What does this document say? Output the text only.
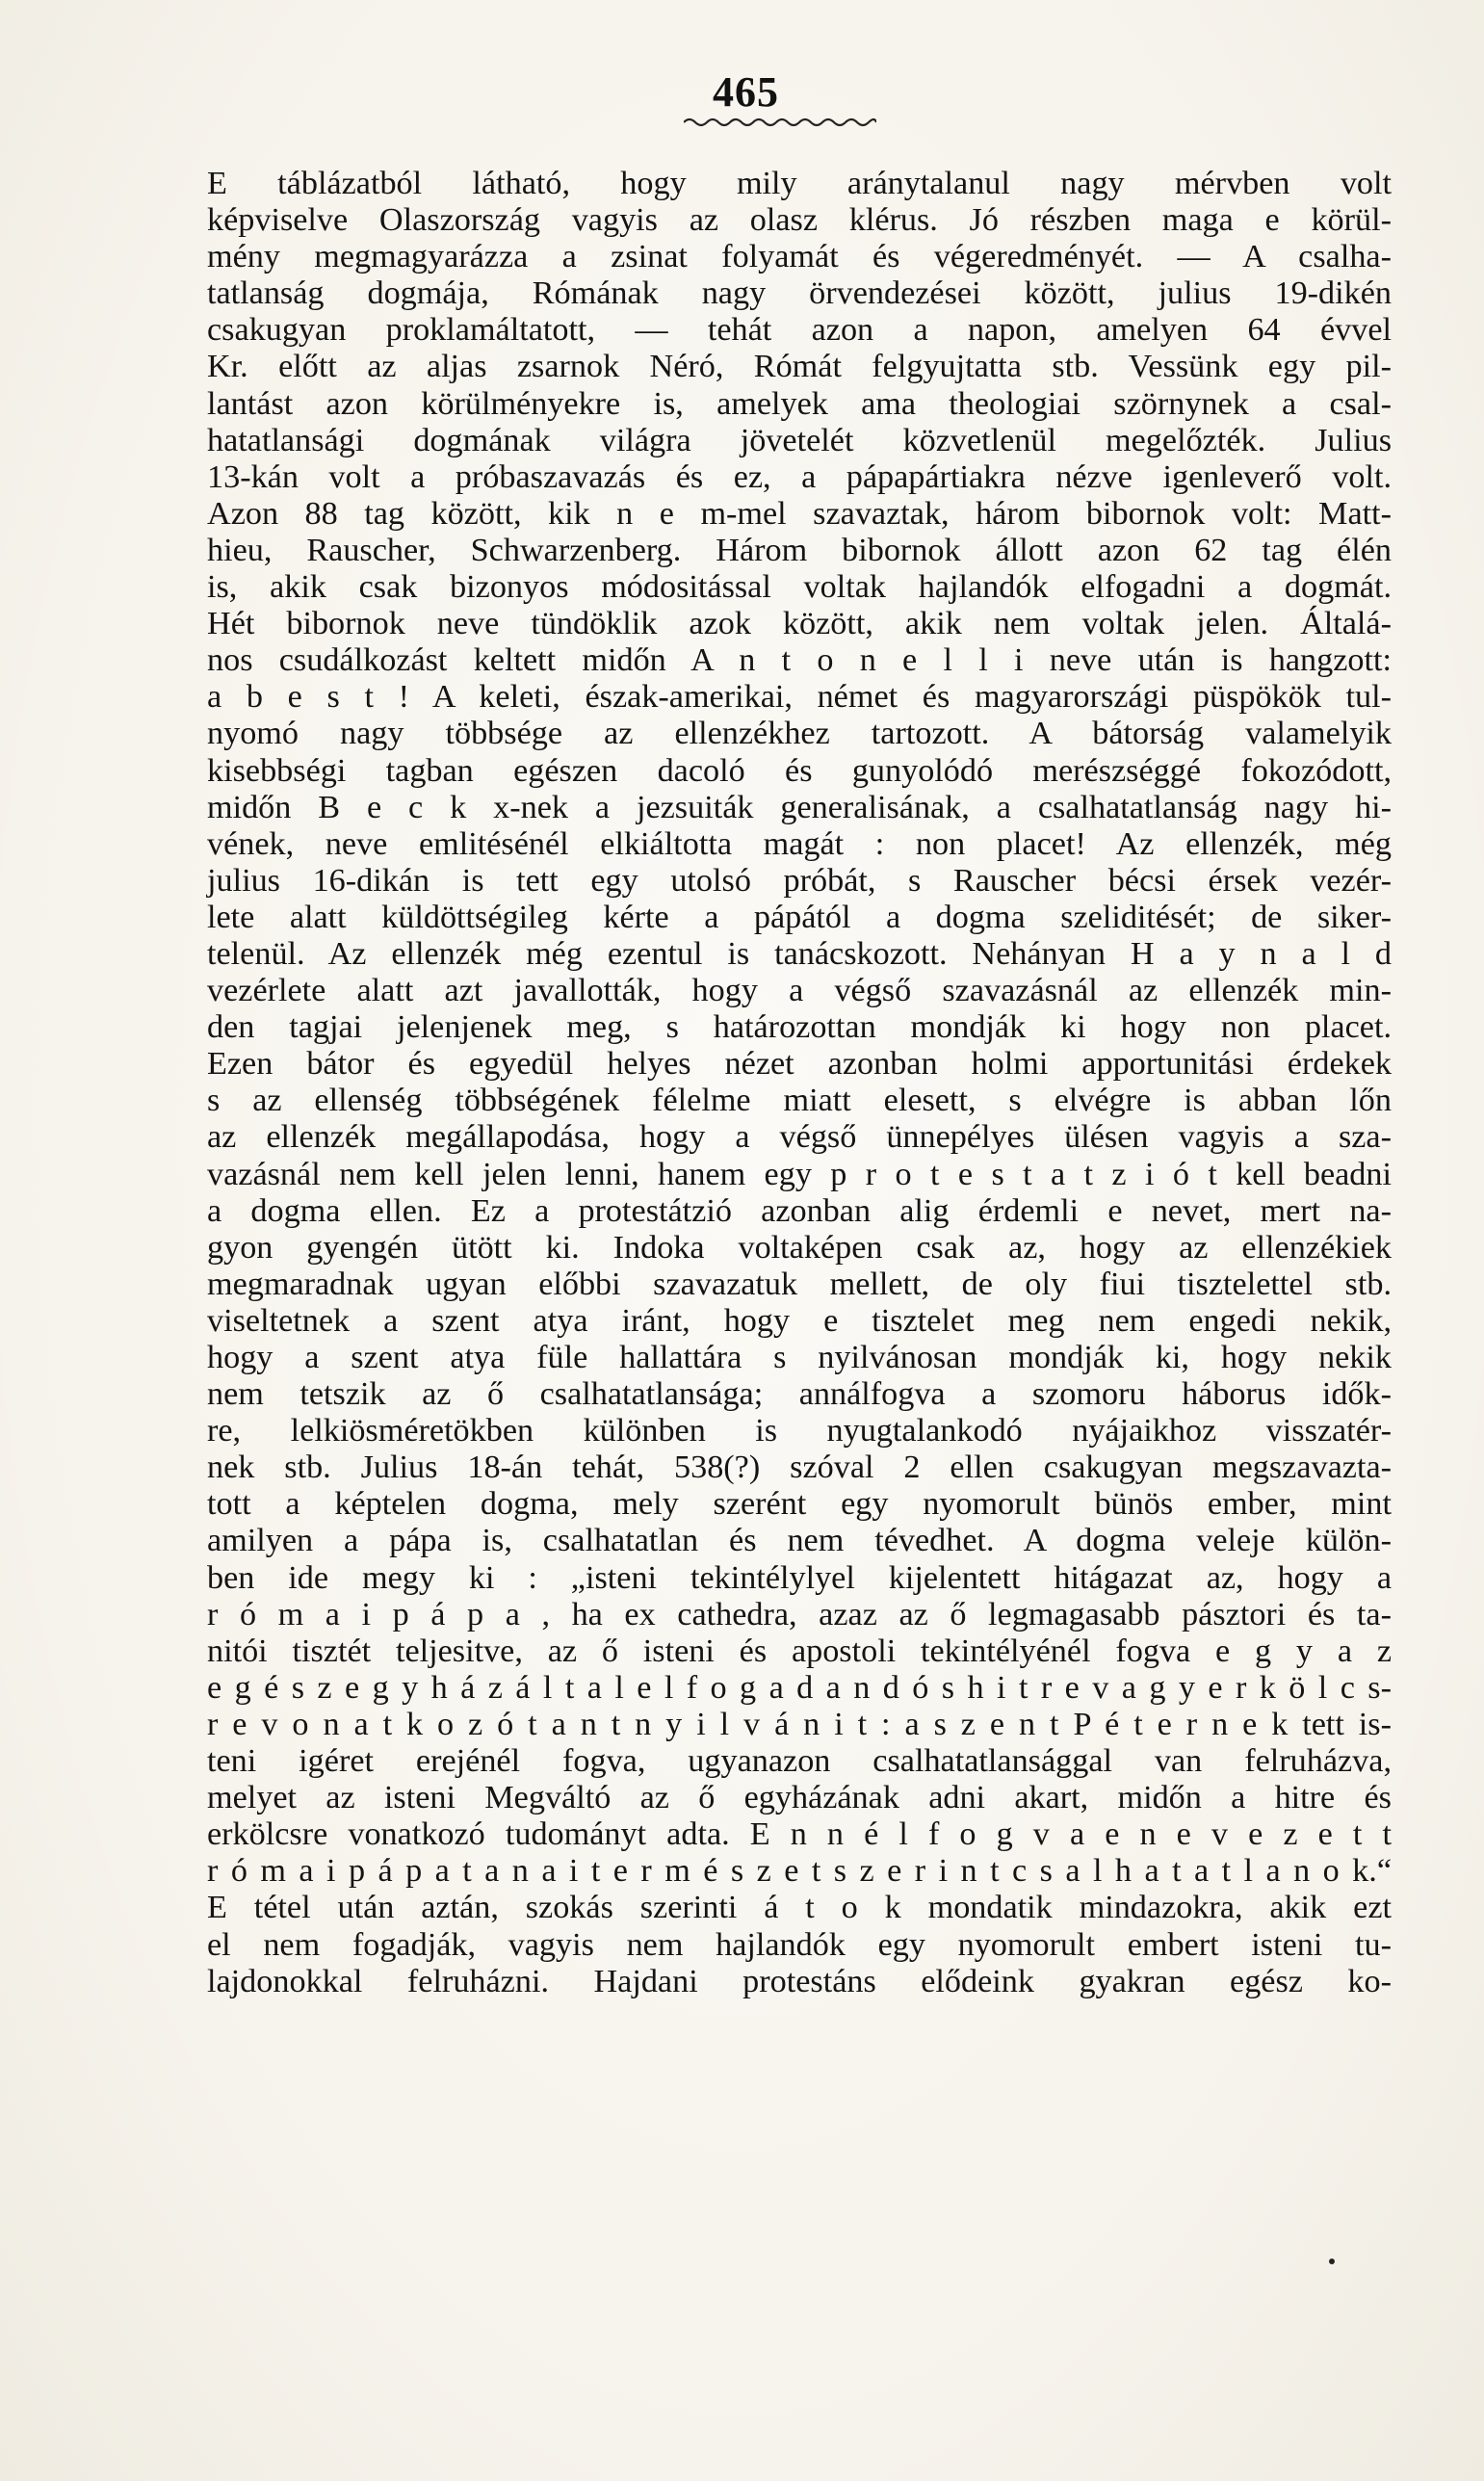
465
E táblázatból látható, hogy mily aránytalanul nagy mérvben volt
képviselve Olaszország vagyis az olasz klérus. Jó részben maga e körül-
mény megmagyarázza a zsinat folyamát és végeredményét. — A csalha-
tatlanság dogmája, Rómának nagy örvendezései között, julius 19-dikén
csakugyan proklamáltatott, — tehát azon a napon, amelyen 64 évvel
Kr. előtt az aljas zsarnok Néró, Rómát felgyujtatta stb. Vessünk egy pil-
lantást azon körülményekre is, amelyek ama theologiai szörnynek a csal-
hatatlansági dogmának világra jövetelét közvetlenül megelőzték. Julius
13-kán volt a próbaszavazás és ez, a pápapártiakra nézve igenleverő volt.
Azon 88 tag között, kik n e m-mel szavaztak, három bibornok volt: Matt-
hieu, Rauscher, Schwarzenberg. Három bibornok állott azon 62 tag élén
is, akik csak bizonyos módositással voltak hajlandók elfogadni a dogmát.
Hét bibornok neve tündöklik azok között, akik nem voltak jelen. Általá-
nos csudálkozást keltett midőn A n t o n e l l i neve után is hangzott:
a b e s t ! A keleti, észak-amerikai, német és magyarországi püspökök tul-
nyomó nagy többsége az ellenzékhez tartozott. A bátorság valamelyik
kisebbségi tagban egészen dacoló és gunyolódó merészséggé fokozódott,
midőn B e c k x-nek a jezsuiták generalisának, a csalhatatlanság nagy hi-
vének, neve emlitésénél elkiáltotta magát : non placet! Az ellenzék, még
julius 16-dikán is tett egy utolsó próbát, s Rauscher bécsi érsek vezér-
lete alatt küldöttségileg kérte a pápától a dogma szeliditését; de siker-
telenül. Az ellenzék még ezentul is tanácskozott. Nehányan H a y n a l d
vezérlete alatt azt javallották, hogy a végső szavazásnál az ellenzék min-
den tagjai jelenjenek meg, s határozottan mondják ki hogy non placet.
Ezen bátor és egyedül helyes nézet azonban holmi apportunitási érdekek
s az ellenség többségének félelme miatt elesett, s elvégre is abban lőn
az ellenzék megállapodása, hogy a végső ünnepélyes ülésen vagyis a sza-
vazásnál nem kell jelen lenni, hanem egy p r o t e s t a t z i ó t kell beadni
a dogma ellen. Ez a protestátzió azonban alig érdemli e nevet, mert na-
gyon gyengén ütött ki. Indoka voltaképen csak az, hogy az ellenzékiek
megmaradnak ugyan előbbi szavazatuk mellett, de oly fiui tisztelettel stb.
viseltetnek a szent atya iránt, hogy e tisztelet meg nem engedi nekik,
hogy a szent atya füle hallattára s nyilvánosan mondják ki, hogy nekik
nem tetszik az ő csalhatatlansága; annálfogva a szomoru háborus idők-
re, lelkiösméretökben különben is nyugtalankodó nyájaikhoz visszatér-
nek stb. Julius 18-án tehát, 538(?) szóval 2 ellen csakugyan megszavazta-
tott a képtelen dogma, mely szerént egy nyomorult bünös ember, mint
amilyen a pápa is, csalhatatlan és nem tévedhet. A dogma veleje külön-
ben ide megy ki : „isteni tekintélylyel kijelentett hitágazat az, hogy a
r ó m a i p á p a , ha ex cathedra, azaz az ő legmagasabb pásztori és ta-
nitói tisztét teljesitve, az ő isteni és apostoli tekintélyénél fogva e g y a z
e g é s z e g y h á z á l t a l e l f o g a d a n d ó s h i t r e v a g y e r k ö l c s-
r e v o n a t k o z ó t a n t n y i l v á n i t : a s z e n t P é t e r n e k tett is-
teni igéret erejénél fogva, ugyanazon csalhatatlansággal van felruházva,
melyet az isteni Megváltó az ő egyházának adni akart, midőn a hitre és
erkölcsre vonatkozó tudományt adta. E n n é l f o g v a e n e v e z e t t
r ó m a i p á p a t a n a i t e r m é s z e t s z e r i n t c s a l h a t a t l a n o k.“
E tétel után aztán, szokás szerinti á t o k mondatik mindazokra, akik ezt
el nem fogadják, vagyis nem hajlandók egy nyomorult embert isteni tu-
lajdonokkal felruházni. Hajdani protestáns elődeink gyakran egész ko-
